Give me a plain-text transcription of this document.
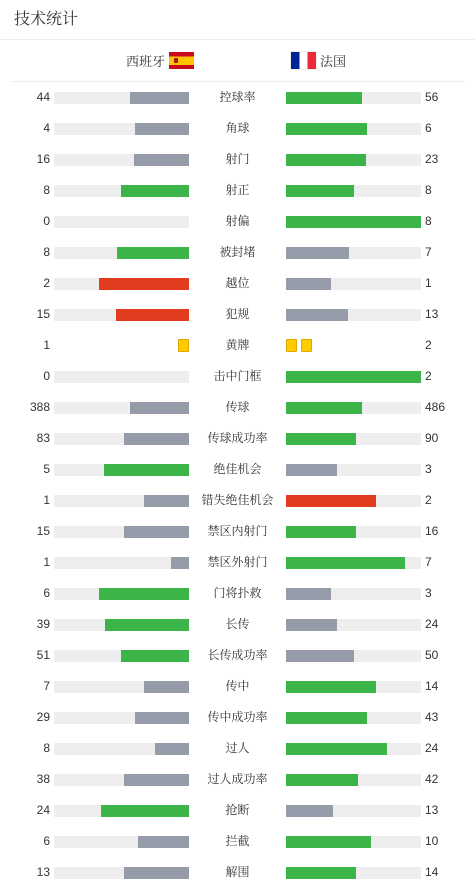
技术统计
西班牙	法国
44	控球率	56
4	角球	6
16	射门	23
8	射正	8
0	射偏	8
8	被封堵	7
2	越位	1
15	犯规	13
1	黄牌	2
0	击中门框	2
388	传球	486
83	传球成功率	90
5	绝佳机会	3
1	错失绝佳机会	2
15	禁区内射门	16
1	禁区外射门	7
6	门将扑救	3
39	长传	24
51	长传成功率	50
7	传中	14
29	传中成功率	43
8	过人	24
38	过人成功率	42
24	抢断	13
6	拦截	10
13	解围	14
